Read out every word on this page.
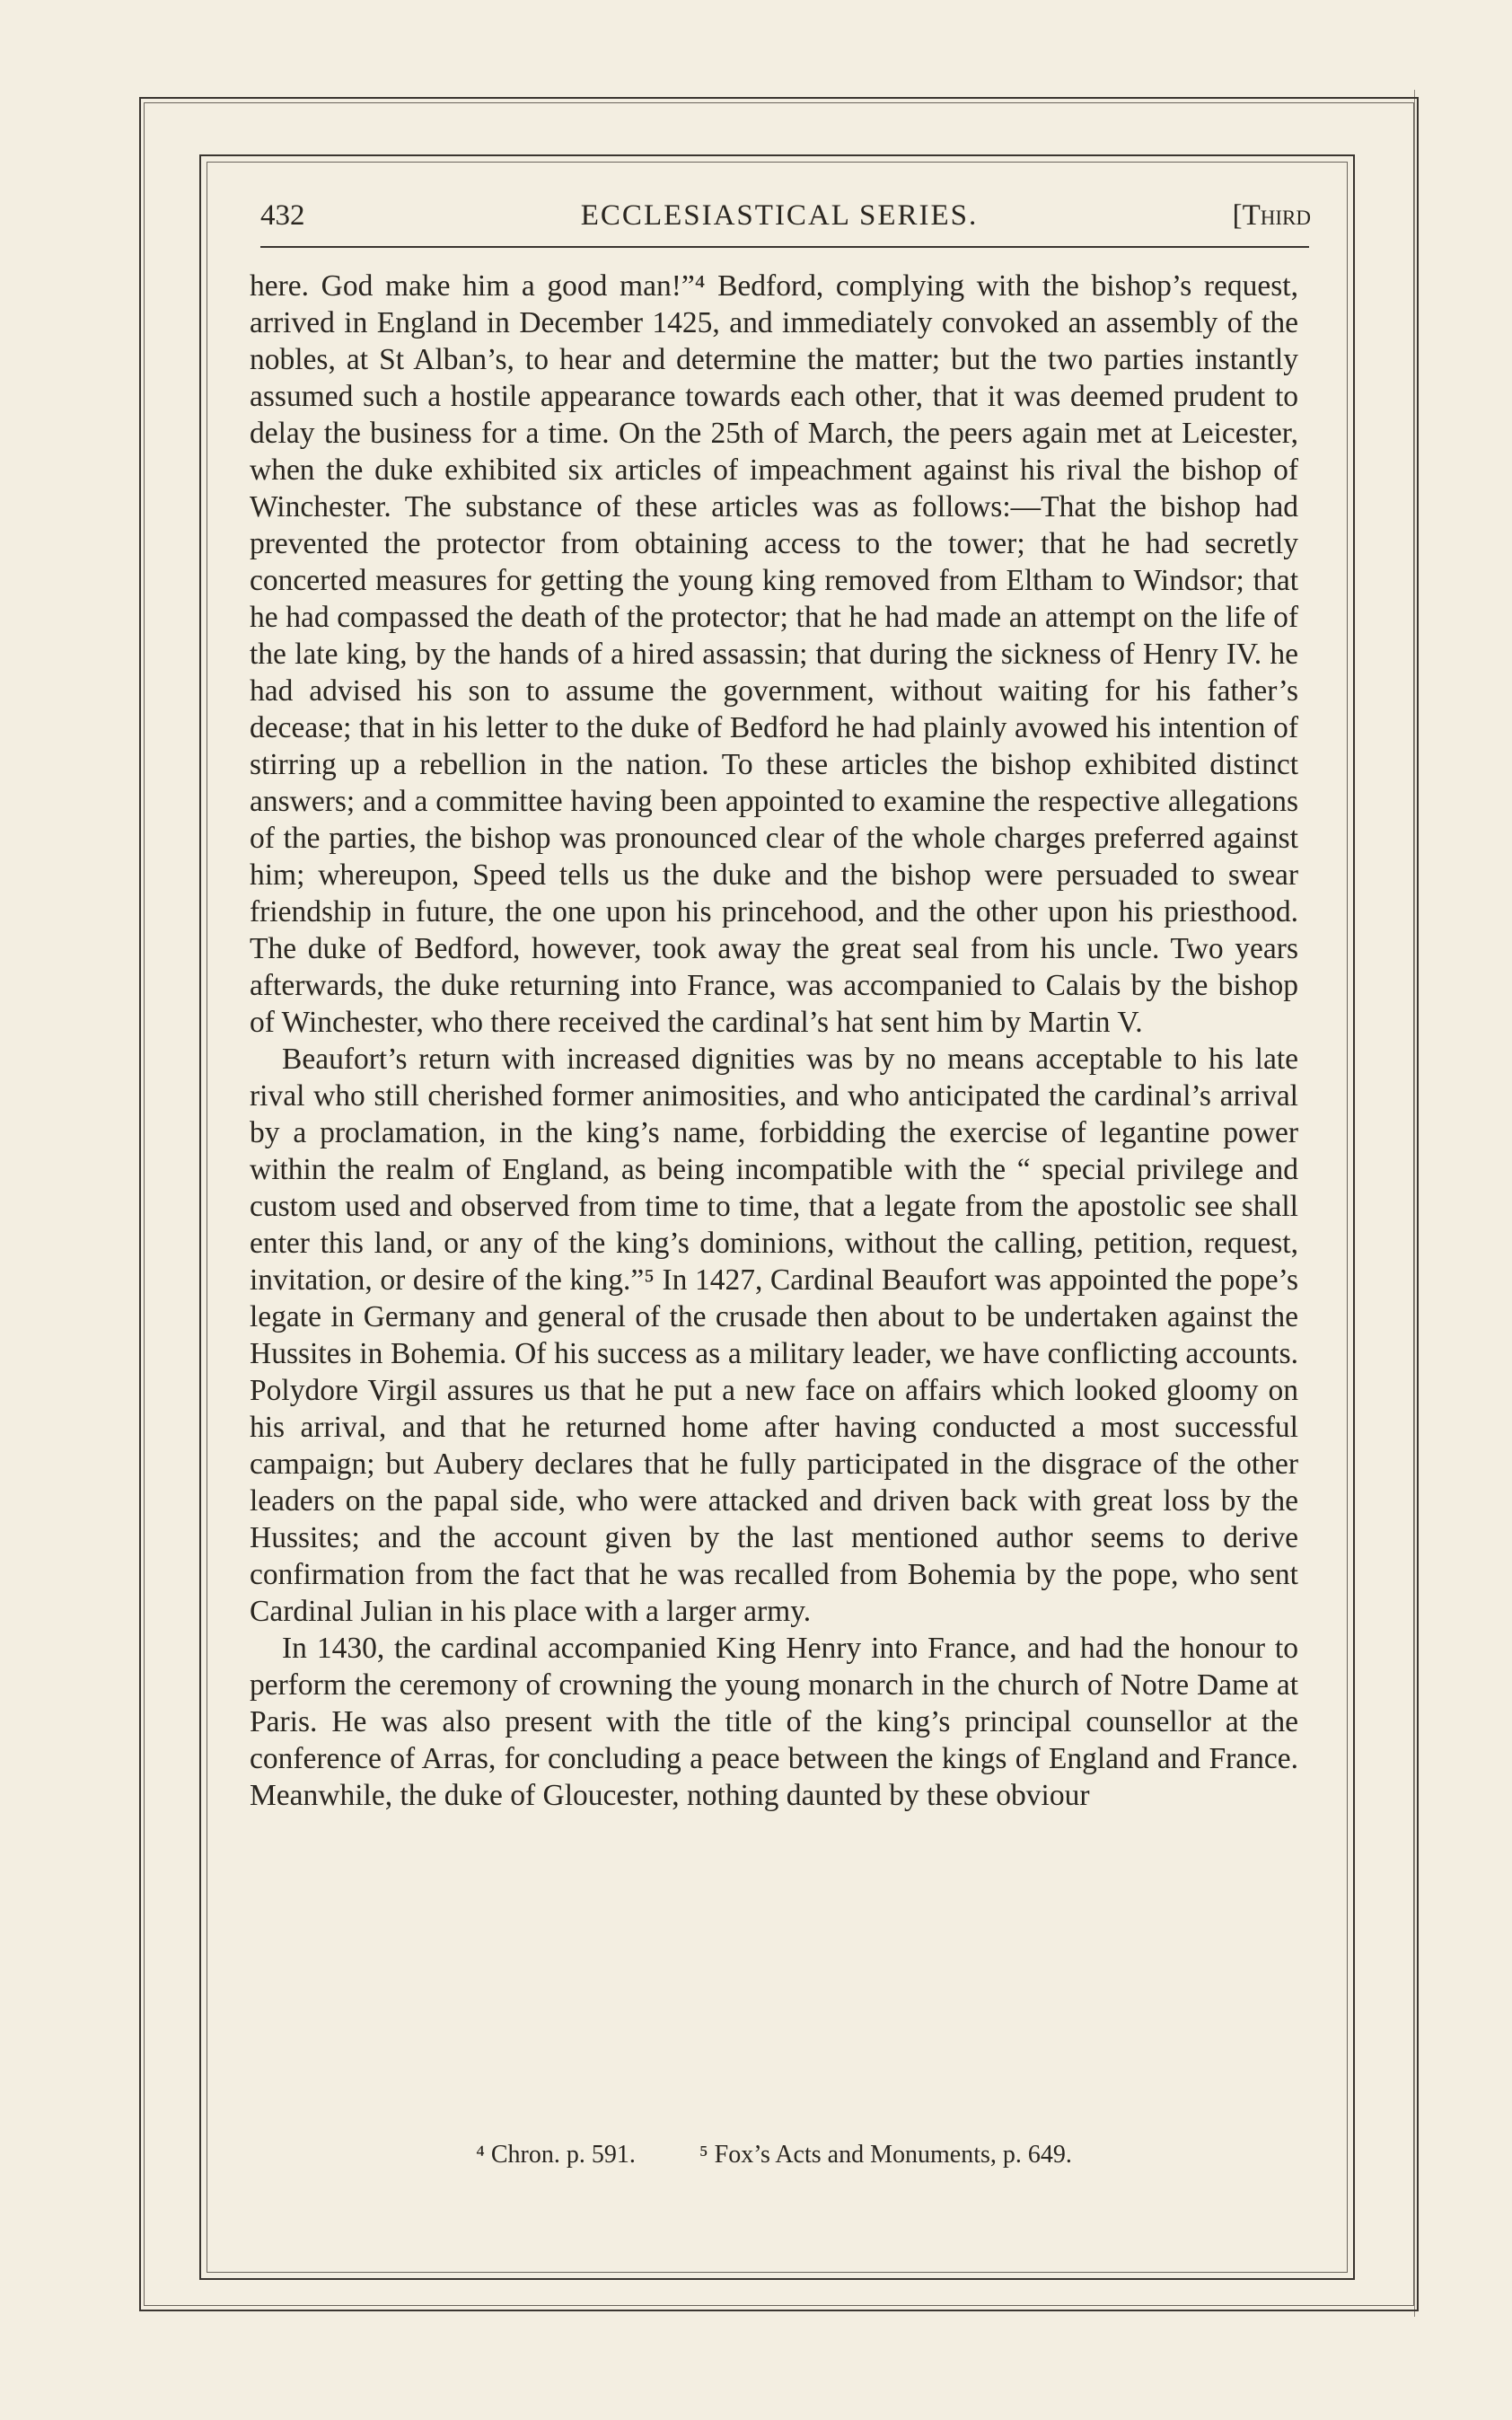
432	ECCLESIASTICAL SERIES.	[Third

here. God make him a good man!”⁴ Bedford, complying with the bishop’s request, arrived in England in December 1425, and immediately convoked an assembly of the nobles, at St Alban’s, to hear and determine the matter; but the two parties instantly assumed such a hostile appearance towards each other, that it was deemed prudent to delay the business for a time. On the 25th of March, the peers again met at Leicester, when the duke exhibited six articles of impeachment against his rival the bishop of Winchester. The substance of these articles was as follows:—That the bishop had prevented the protector from obtaining access to the tower; that he had secretly concerted measures for getting the young king removed from Eltham to Windsor; that he had compassed the death of the protector; that he had made an attempt on the life of the late king, by the hands of a hired assassin; that during the sickness of Henry IV. he had advised his son to assume the government, without waiting for his father’s decease; that in his letter to the duke of Bedford he had plainly avowed his intention of stirring up a rebellion in the nation. To these articles the bishop exhibited distinct answers; and a committee having been appointed to examine the respective allegations of the parties, the bishop was pronounced clear of the whole charges preferred against him; whereupon, Speed tells us the duke and the bishop were persuaded to swear friendship in future, the one upon his princehood, and the other upon his priesthood. The duke of Bedford, however, took away the great seal from his uncle. Two years afterwards, the duke returning into France, was accompanied to Calais by the bishop of Winchester, who there received the cardinal’s hat sent him by Martin V.

Beaufort’s return with increased dignities was by no means acceptable to his late rival who still cherished former animosities, and who anticipated the cardinal’s arrival by a proclamation, in the king’s name, forbidding the exercise of legantine power within the realm of England, as being incompatible with the “ special privilege and custom used and observed from time to time, that a legate from the apostolic see shall enter this land, or any of the king’s dominions, without the calling, petition, request, invitation, or desire of the king.”⁵ In 1427, Cardinal Beaufort was appointed the pope’s legate in Germany and general of the crusade then about to be undertaken against the Hussites in Bohemia. Of his success as a military leader, we have conflicting accounts. Polydore Virgil assures us that he put a new face on affairs which looked gloomy on his arrival, and that he returned home after having conducted a most successful campaign; but Aubery declares that he fully participated in the disgrace of the other leaders on the papal side, who were attacked and driven back with great loss by the Hussites; and the account given by the last mentioned author seems to derive confirmation from the fact that he was recalled from Bohemia by the pope, who sent Cardinal Julian in his place with a larger army.

In 1430, the cardinal accompanied King Henry into France, and had the honour to perform the ceremony of crowning the young monarch in the church of Notre Dame at Paris. He was also present with the title of the king’s principal counsellor at the conference of Arras, for concluding a peace between the kings of England and France. Meanwhile, the duke of Gloucester, nothing daunted by these obviour

⁴ Chron. p. 591.	⁵ Fox’s Acts and Monuments, p. 649.
